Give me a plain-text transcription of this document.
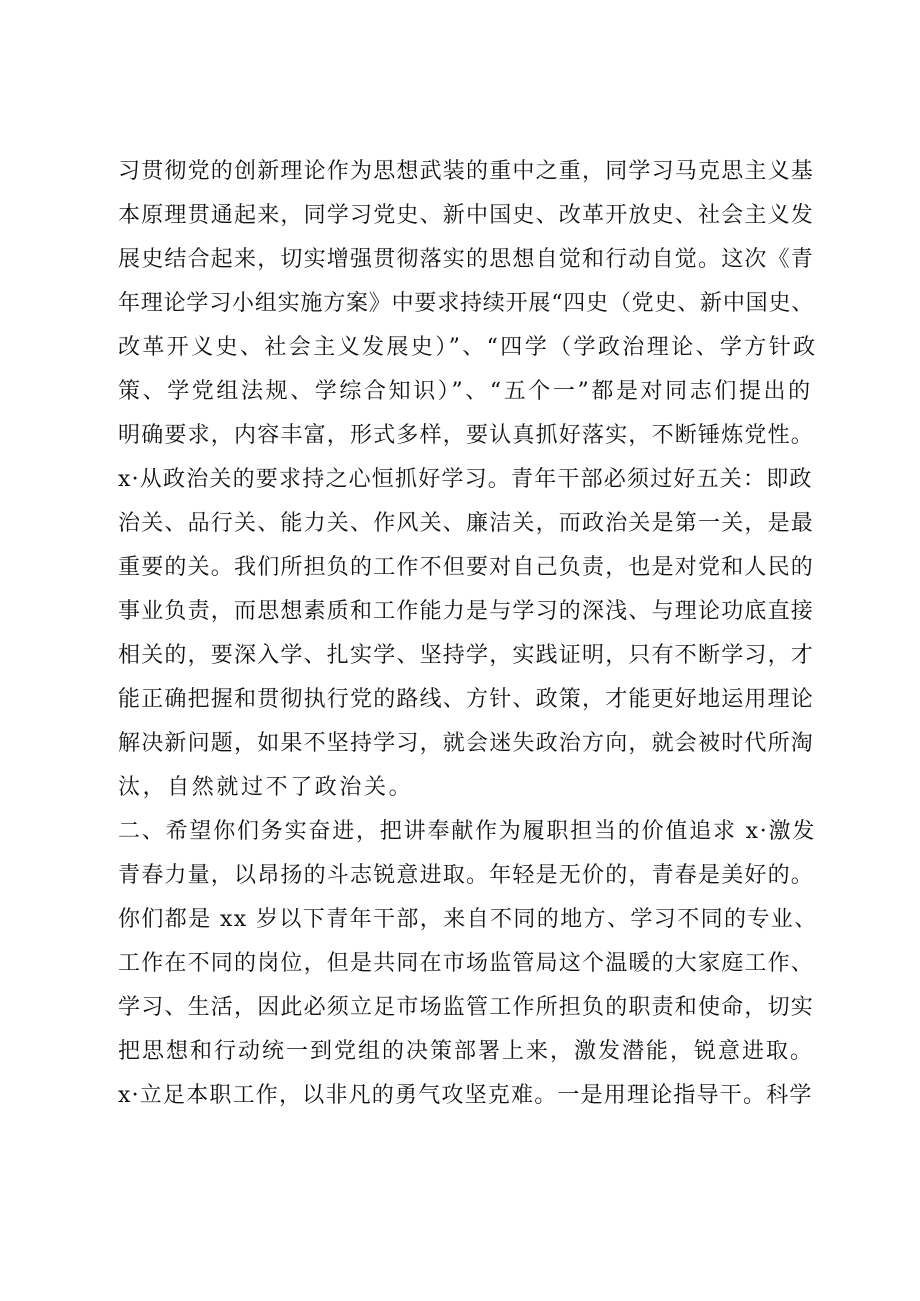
习贯彻党的创新理论作为思想武装的重中之重，同学习马克思主义基
本原理贯通起来，同学习党史、新中国史、改革开放史、社会主义发
展史结合起来，切实增强贯彻落实的思想自觉和行动自觉。这次《青
年理论学习小组实施方案》中要求持续开展“四史（党史、新中国史、
改革开义史、社会主义发展史）”、“四学（学政治理论、学方针政
策、学党组法规、学综合知识）”、“五个一”都是对同志们提出的
明确要求，内容丰富，形式多样，要认真抓好落实，不断锤炼党性。
x·从政治关的要求持之心恒抓好学习。青年干部必须过好五关：即政
治关、品行关、能力关、作风关、廉洁关，而政治关是第一关，是最
重要的关。我们所担负的工作不但要对自己负责，也是对党和人民的
事业负责，而思想素质和工作能力是与学习的深浅、与理论功底直接
相关的，要深入学、扎实学、坚持学，实践证明，只有不断学习，才
能正确把握和贯彻执行党的路线、方针、政策，才能更好地运用理论
解决新问题，如果不坚持学习，就会迷失政治方向，就会被时代所淘
汰，自然就过不了政治关。
二、希望你们务实奋进，把讲奉献作为履职担当的价值追求 x·激发
青春力量，以昂扬的斗志锐意进取。年轻是无价的，青春是美好的。
你们都是 xx 岁以下青年干部，来自不同的地方、学习不同的专业、
工作在不同的岗位，但是共同在市场监管局这个温暖的大家庭工作、
学习、生活，因此必须立足市场监管工作所担负的职责和使命，切实
把思想和行动统一到党组的决策部署上来，激发潜能，锐意进取。
x·立足本职工作，以非凡的勇气攻坚克难。一是用理论指导干。科学
